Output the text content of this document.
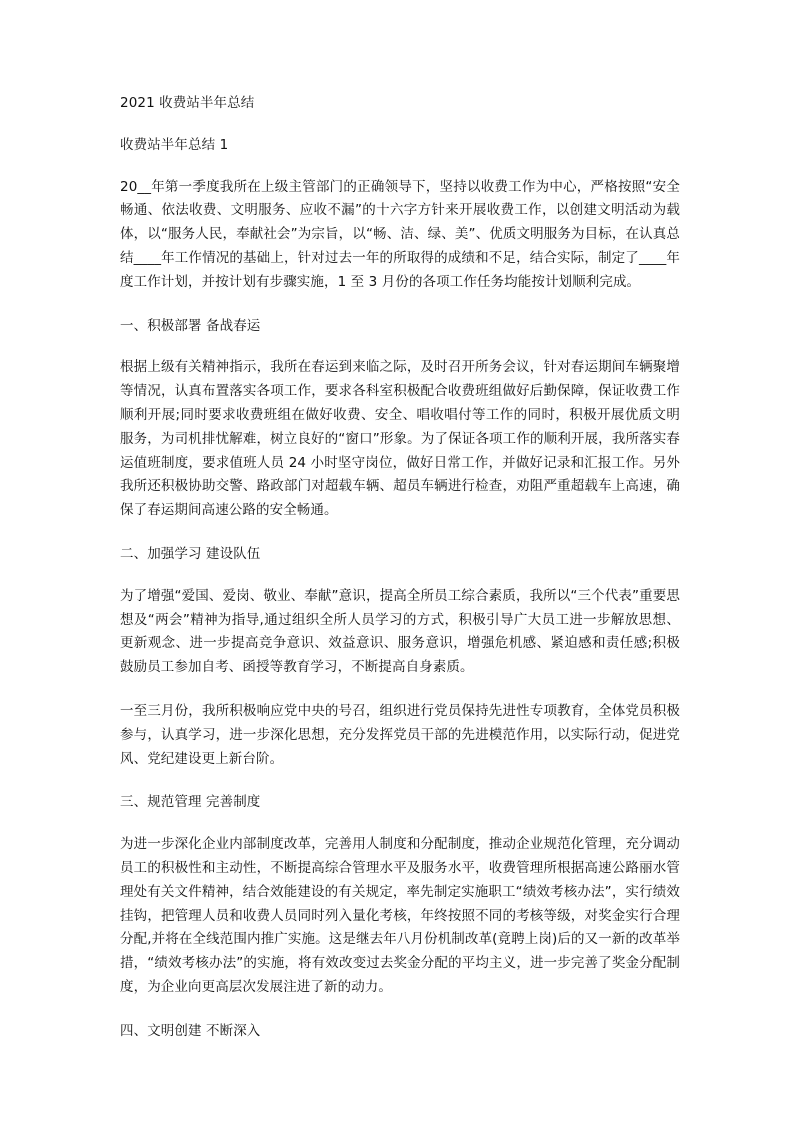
2021 收费站半年总结
收费站半年总结 1
20__年第一季度我所在上级主管部门的正确领导下，坚持以收费工作为中心，严格按照“安全畅通、依法收费、文明服务、应收不漏”的十六字方针来开展收费工作，以创建文明活动为载体，以“服务人民，奉献社会”为宗旨，以“畅、洁、绿、美”、优质文明服务为目标，在认真总结____年工作情况的基础上，针对过去一年的所取得的成绩和不足，结合实际，制定了____年度工作计划，并按计划有步骤实施，1 至 3 月份的各项工作任务均能按计划顺利完成。
一、积极部署 备战春运
根据上级有关精神指示，我所在春运到来临之际，及时召开所务会议，针对春运期间车辆聚增等情况，认真布置落实各项工作，要求各科室积极配合收费班组做好后勤保障，保证收费工作顺利开展;同时要求收费班组在做好收费、安全、唱收唱付等工作的同时，积极开展优质文明服务，为司机排忧解难，树立良好的“窗口”形象。为了保证各项工作的顺利开展，我所落实春运值班制度，要求值班人员 24 小时坚守岗位，做好日常工作，并做好记录和汇报工作。另外我所还积极协助交警、路政部门对超载车辆、超员车辆进行检查，劝阻严重超载车上高速，确保了春运期间高速公路的安全畅通。
二、加强学习 建设队伍
为了增强“爱国、爱岗、敬业、奉献”意识，提高全所员工综合素质，我所以“三个代表”重要思想及“两会”精神为指导,通过组织全所人员学习的方式，积极引导广大员工进一步解放思想、更新观念、进一步提高竞争意识、效益意识、服务意识，增强危机感、紧迫感和责任感;积极鼓励员工参加自考、函授等教育学习，不断提高自身素质。
一至三月份，我所积极响应党中央的号召，组织进行党员保持先进性专项教育，全体党员积极参与，认真学习，进一步深化思想，充分发挥党员干部的先进模范作用，以实际行动，促进党风、党纪建设更上新台阶。
三、规范管理 完善制度
为进一步深化企业内部制度改革，完善用人制度和分配制度，推动企业规范化管理，充分调动员工的积极性和主动性，不断提高综合管理水平及服务水平，收费管理所根据高速公路丽水管理处有关文件精神，结合效能建设的有关规定，率先制定实施职工“绩效考核办法”，实行绩效挂钩，把管理人员和收费人员同时列入量化考核，年终按照不同的考核等级，对奖金实行合理分配,并将在全线范围内推广实施。这是继去年八月份机制改革(竟聘上岗)后的又一新的改革举措，“绩效考核办法”的实施，将有效改变过去奖金分配的平均主义，进一步完善了奖金分配制度，为企业向更高层次发展注进了新的动力。
四、文明创建 不断深入
